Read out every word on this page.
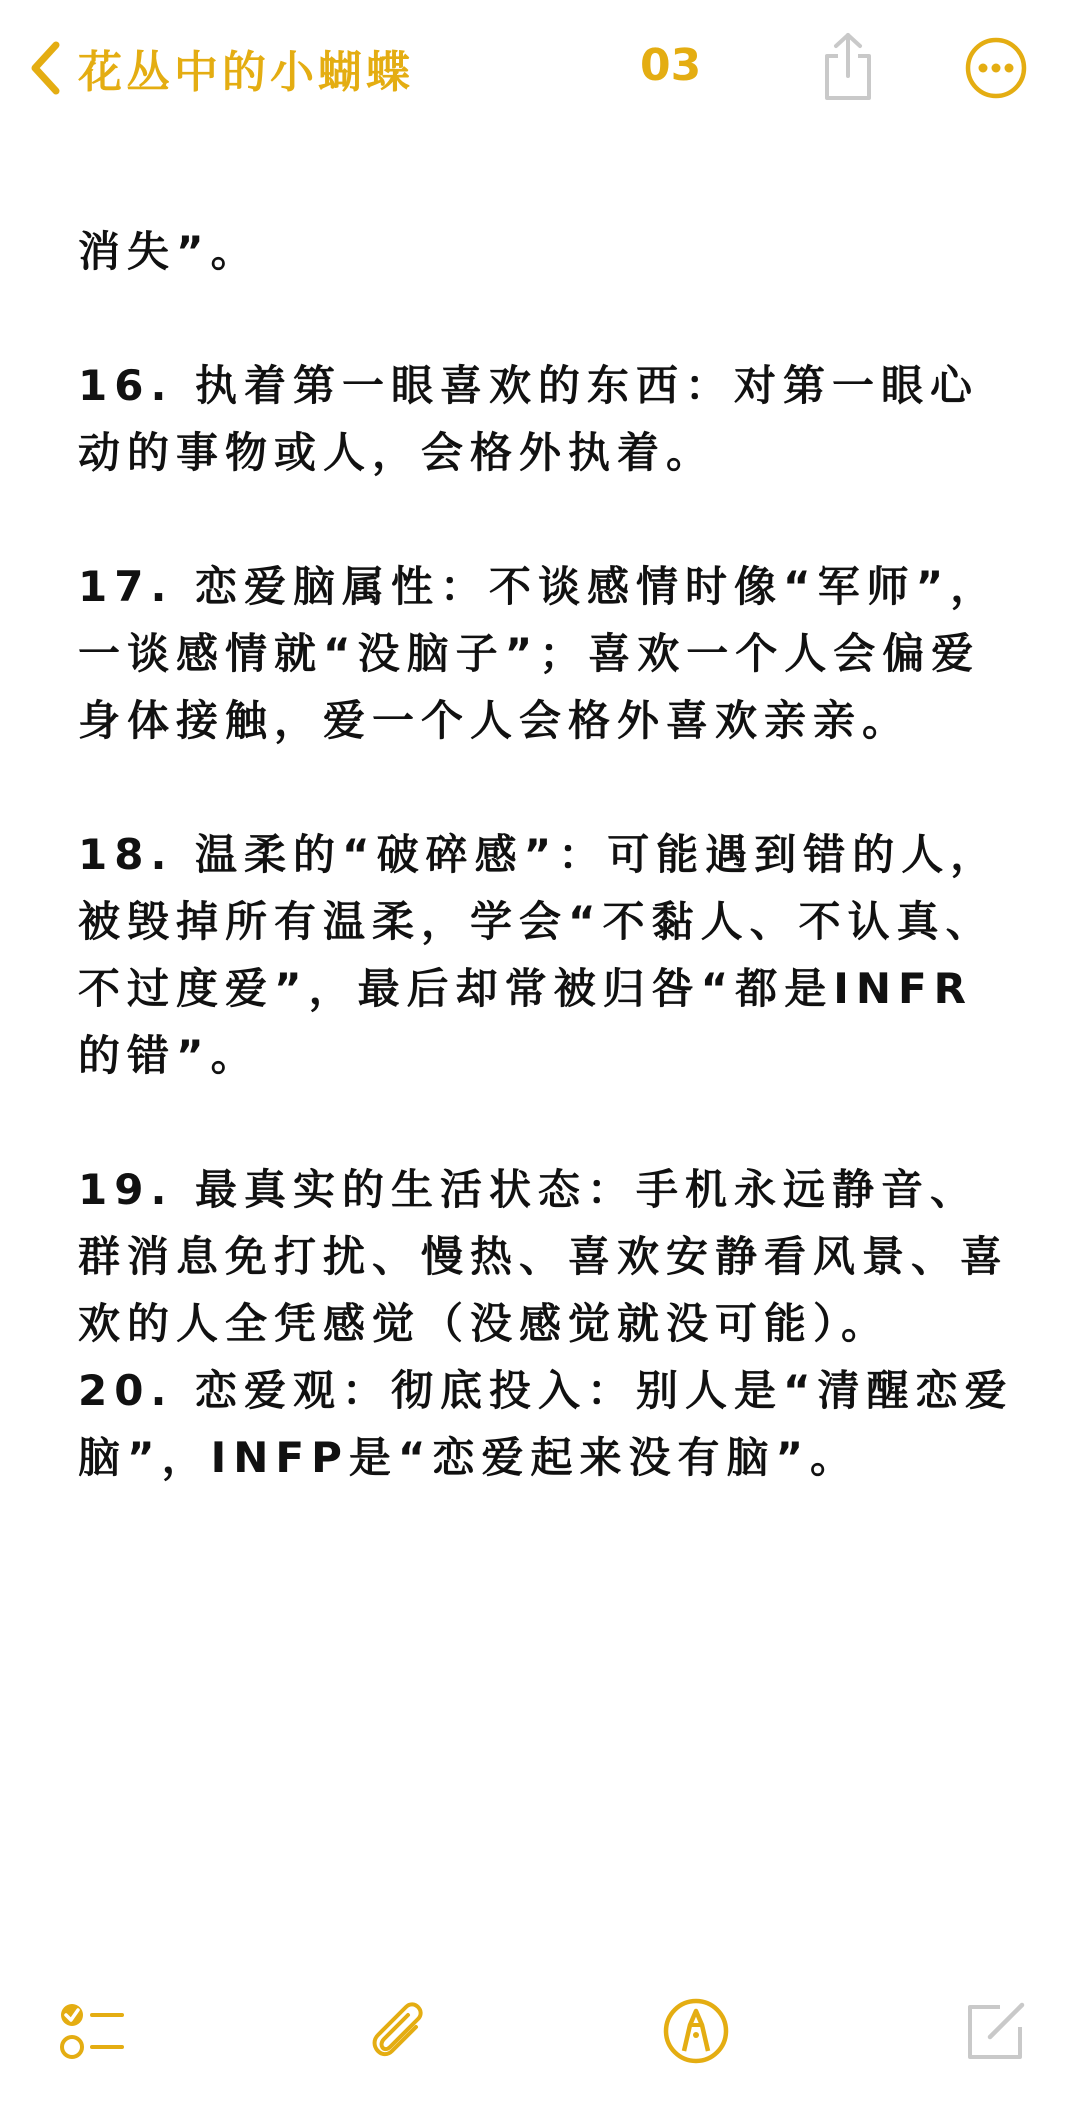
花丛中的小蝴蝶	03

消失”。

16. 执着第一眼喜欢的东西：对第一眼心动的事物或人，会格外执着。

17. 恋爱脑属性：不谈感情时像“军师”，一谈感情就“没脑子”；喜欢一个人会偏爱身体接触，爱一个人会格外喜欢亲亲。

18. 温柔的“破碎感”：可能遇到错的人，被毁掉所有温柔，学会“不黏人、不认真、不过度爱”，最后却常被归咎“都是INFR的错”。

19. 最真实的生活状态：手机永远静音、群消息免打扰、慢热、喜欢安静看风景、喜欢的人全凭感觉（没感觉就没可能）。

20. 恋爱观：彻底投入：别人是“清醒恋爱脑”，INFP是“恋爱起来没有脑”。
